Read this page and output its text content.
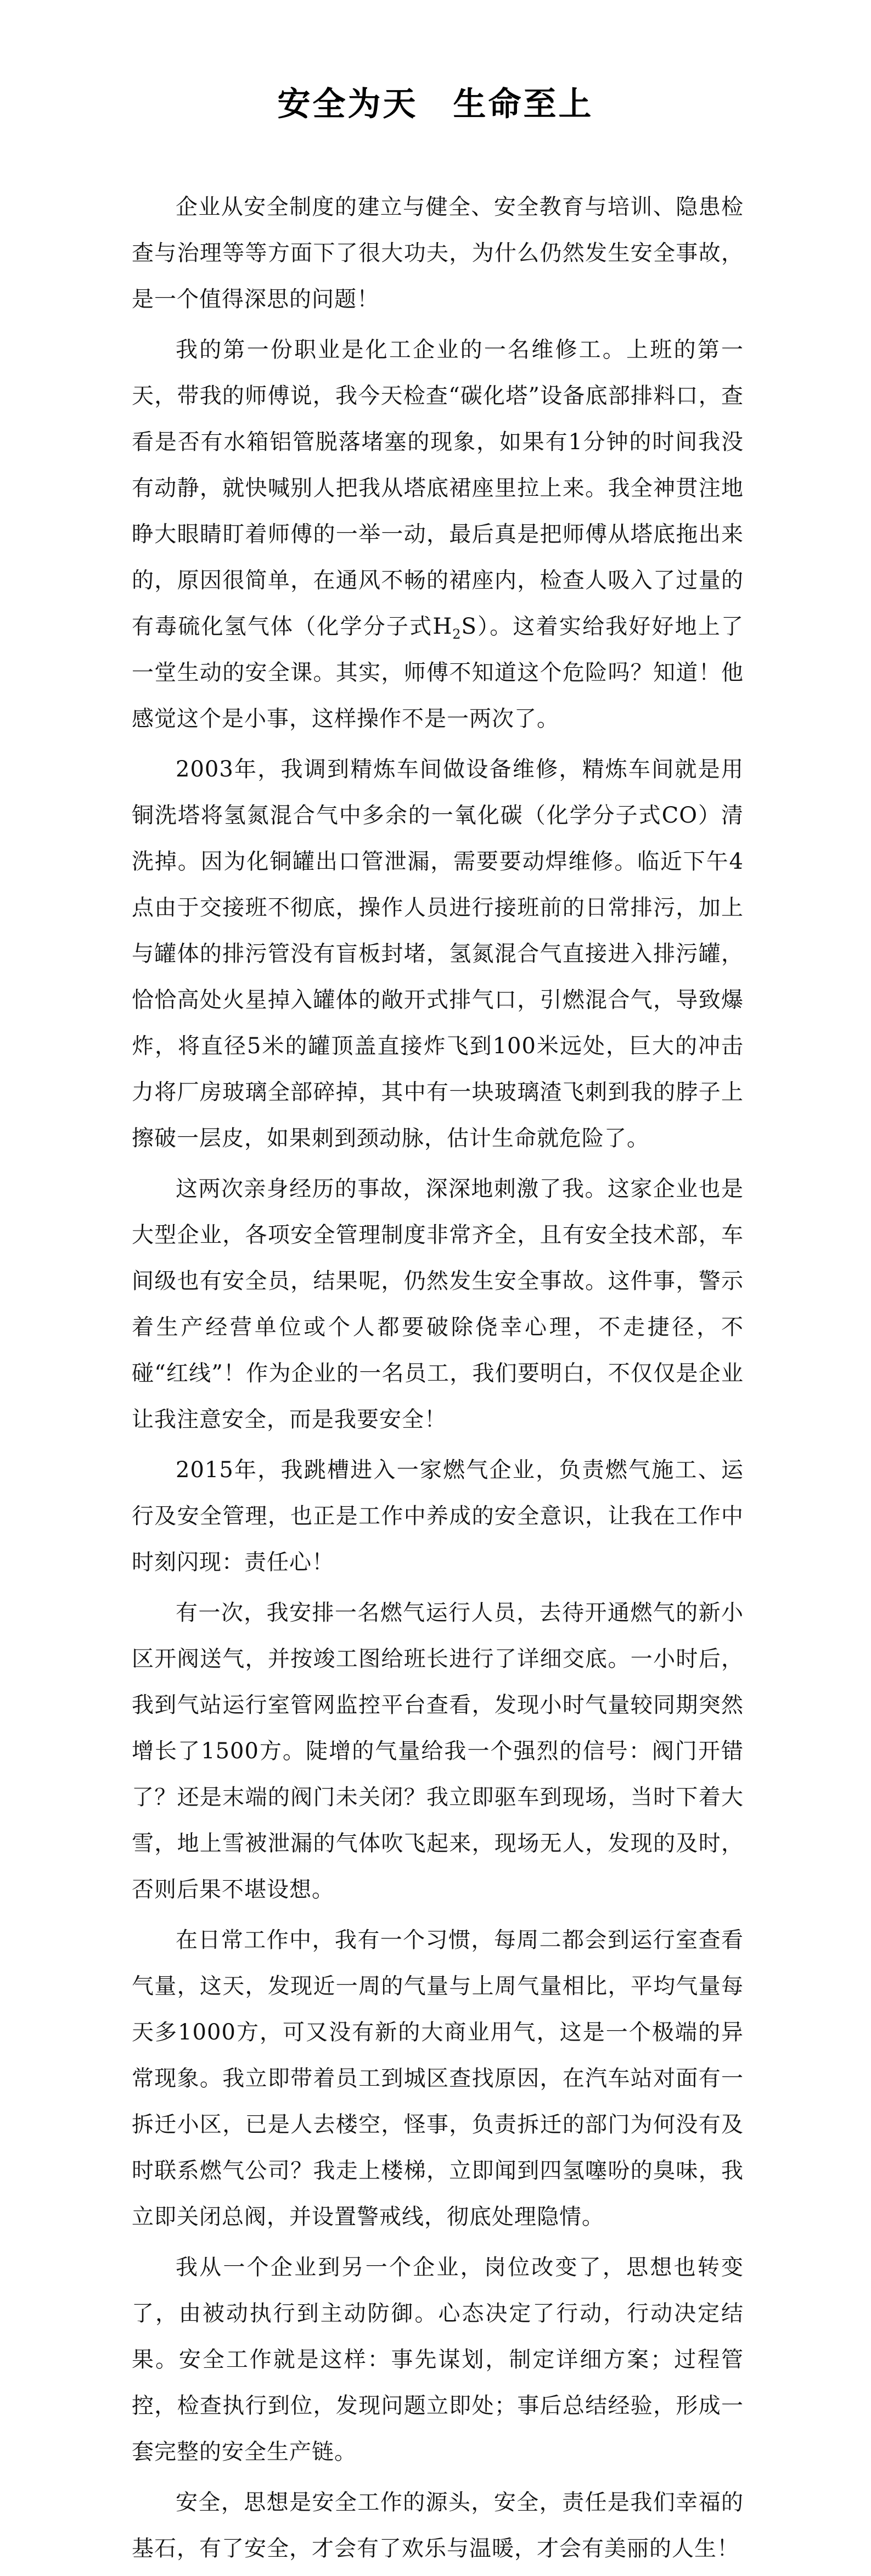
安全为天　生命至上

企业从安全制度的建立与健全、安全教育与培训、隐患检查与治理等等方面下了很大功夫，为什么仍然发生安全事故，是一个值得深思的问题！

我的第一份职业是化工企业的一名维修工。上班的第一天，带我的师傅说，我今天检查“碳化塔”设备底部排料口，查看是否有水箱铝管脱落堵塞的现象，如果有1分钟的时间我没有动静，就快喊别人把我从塔底裙座里拉上来。我全神贯注地睁大眼睛盯着师傅的一举一动，最后真是把师傅从塔底拖出来的，原因很简单，在通风不畅的裙座内，检查人吸入了过量的有毒硫化氢气体（化学分子式$H_2S$）。这着实给我好好地上了一堂生动的安全课。其实，师傅不知道这个危险吗？知道！他感觉这个是小事，这样操作不是一两次了。

2003年，我调到精炼车间做设备维修，精炼车间就是用铜洗塔将氢氮混合气中多余的一氧化碳（化学分子式CO）清洗掉。因为化铜罐出口管泄漏，需要要动焊维修。临近下午4点由于交接班不彻底，操作人员进行接班前的日常排污，加上与罐体的排污管没有盲板封堵，氢氮混合气直接进入排污罐，恰恰高处火星掉入罐体的敞开式排气口，引燃混合气，导致爆炸，将直径5米的罐顶盖直接炸飞到100米远处，巨大的冲击力将厂房玻璃全部碎掉，其中有一块玻璃渣飞刺到我的脖子上擦破一层皮，如果刺到颈动脉，估计生命就危险了。

这两次亲身经历的事故，深深地刺激了我。这家企业也是大型企业，各项安全管理制度非常齐全，且有安全技术部，车间级也有安全员，结果呢，仍然发生安全事故。这件事，警示着生产经营单位或个人都要破除侥幸心理，不走捷径，不碰“红线”！作为企业的一名员工，我们要明白，不仅仅是企业让我注意安全，而是我要安全！

2015年，我跳槽进入一家燃气企业，负责燃气施工、运行及安全管理，也正是工作中养成的安全意识，让我在工作中时刻闪现：责任心！

有一次，我安排一名燃气运行人员，去待开通燃气的新小区开阀送气，并按竣工图给班长进行了详细交底。一小时后，我到气站运行室管网监控平台查看，发现小时气量较同期突然增长了1500方。陡增的气量给我一个强烈的信号：阀门开错了？还是末端的阀门未关闭？我立即驱车到现场，当时下着大雪，地上雪被泄漏的气体吹飞起来，现场无人，发现的及时，否则后果不堪设想。

在日常工作中，我有一个习惯，每周二都会到运行室查看气量，这天，发现近一周的气量与上周气量相比，平均气量每天多1000方，可又没有新的大商业用气，这是一个极端的异常现象。我立即带着员工到城区查找原因，在汽车站对面有一拆迁小区，已是人去楼空，怪事，负责拆迁的部门为何没有及时联系燃气公司？我走上楼梯，立即闻到四氢噻吩的臭味，我立即关闭总阀，并设置警戒线，彻底处理隐情。

我从一个企业到另一个企业，岗位改变了，思想也转变了，由被动执行到主动防御。心态决定了行动，行动决定结果。安全工作就是这样：事先谋划，制定详细方案；过程管控，检查执行到位，发现问题立即处；事后总结经验，形成一套完整的安全生产链。

安全，思想是安全工作的源头，安全，责任是我们幸福的基石，有了安全，才会有了欢乐与温暖，才会有美丽的人生！
